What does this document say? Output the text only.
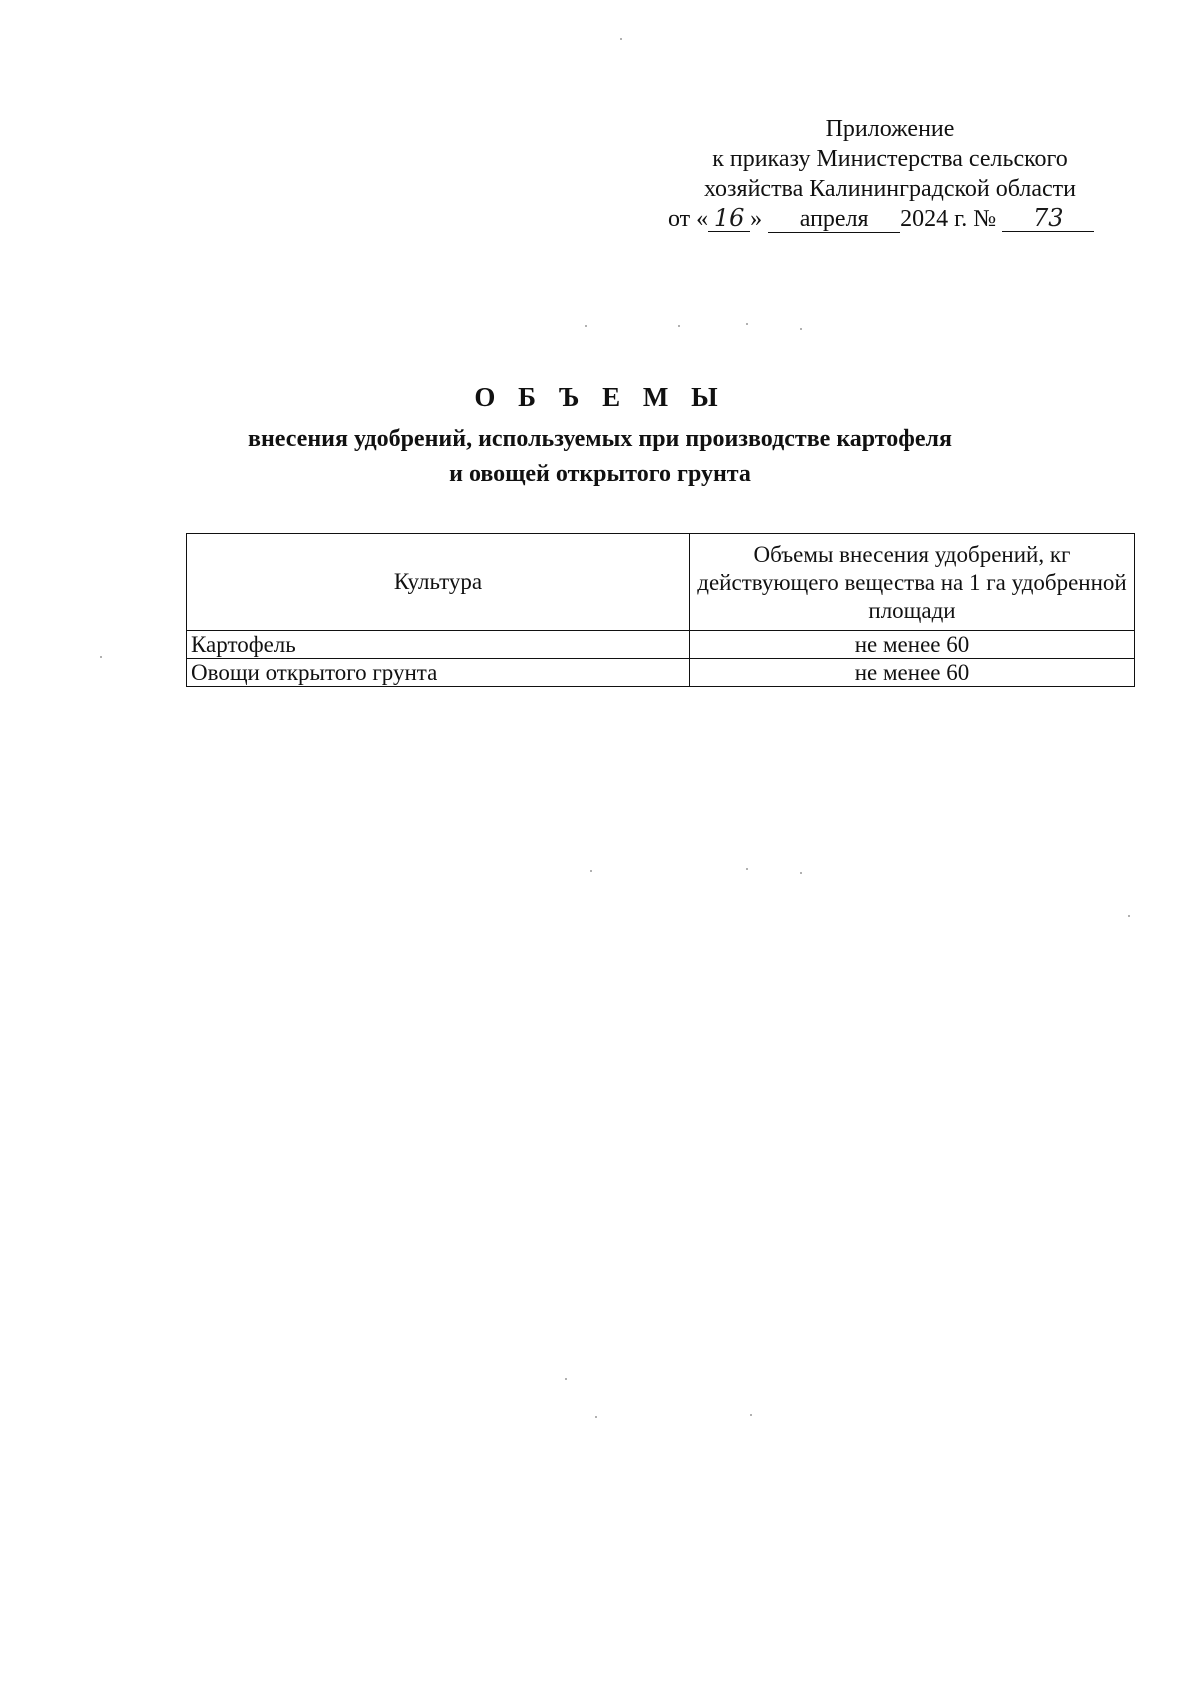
Приложение
к приказу Министерства сельского
хозяйства Калининградской области
от « 16 » апреля 2024 г. № 73
О Б Ъ Е М Ы
внесения удобрений, используемых при производстве картофеля
и овощей открытого грунта
Культура	Объемы внесения удобрений, кг действующего вещества на 1 га удобренной площади
Картофель	не менее 60
Овощи открытого грунта	не менее 60
